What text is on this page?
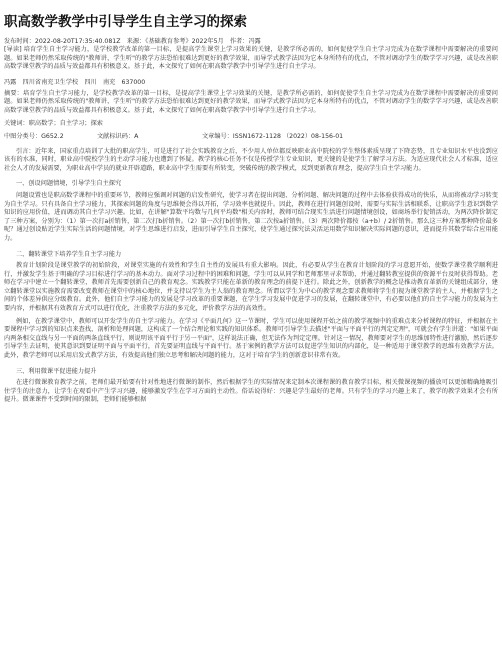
职高数学教学中引导学生自主学习的探索
发布时间：2022-08-20T17:35:40.081Z　来源：《基础教育参考》2022年5月　作者：冯露
[导读] 培育学生自主学习能力，是学校教学改革的第一目标，是提高学生课堂上学习效果的关键，是教学所必需的，如何促使学生自主学习完成为在数学课程中需要解决的重要问题。如果老师仍然采取传统的"教师讲，学生听"的教学方法恐怕很难达到更好的教学效果，而导学式教学法因为它本身所特有的优点，不管对调动学生的数学学习兴趣，或是改善职高数学课堂教学的品质与效益都具有积极意义。基于此，本文探究了如何在职高数学教学中引导学生进行自主学习。
冯露　四川省南充卫生学校　四川　南充　637000
摘要：培育学生自主学习能力，是学校教学改革的第一目标，是提高学生课堂上学习效果的关键，是教学所必需的，如何促使学生自主学习完成为在数学课程中需要解决的重要问题。如果老师仍然采取传统的"教师讲，学生听"的教学方法恐怕很难达到更好的教学效果，而导学式教学法因为它本身所特有的优点，不管对调动学生的数学学习兴趣，或是改善职高数学课堂教学的品质与效益都具有积极意义。基于此，本文探究了如何在职高数学教学中引导学生进行自主学习。
关键词：职高数学；自主学习；探索
中图分类号：G652.2	文献标识码：A	文章编号：ISSN1672-1128 （2022）08-156-01

引言：近年来，国家重点培训了大批的职高学生，可是进行了社会实践教育之后，不少用人单位都反映职业高中院校的学生整体素质呈现了下降态势，且专业知识水平也没到应该有的水准，同时，职业高中院校学生的主动学习能力也遭到了怀疑。教学的核心任务不仅是传授学生专业知识，更关键的是使学生了解学习方法。为适应现代社会人才标准，适应社会人才的发展需要，为职业高中学员的就业开辟道路，职业高中学生需要有所转变，突破传统的教学模式，反到更新教育理念，提高学生自主学习能力。

一、创设问题情境，引导学生自主探究

问题设置也是职高数学课程中的重要环节，教师应强调对问题的启发性研究，使学习者在提出问题、分析问题、解决问题的过程中去体验获得成功的快乐，从而将被动学习转变为自主学习。只有具备自主学习能力，其探索问题的角度与思维便会得以开拓，学习效率也就提升。因此，教师在进行问题创设时，需要与实际生活相联系，让职高学生意识到数学知识的应用价值，进而调动其自主学习兴趣。比如，在讲解"算数平均数与几何平均数"相关内容时，教师可结合现实生活进行问题情境创设，如商场举行促销活动，为两次降价制定了三种方案，分别为：（1）第一次打a折销售，第二次打b折销售。（2）第一次打b折销售，第二次按a折销售。（3）两次降价都按（a+b）/ 2折销售。那么这三种方案那种降价最多呢？通过创设贴近学生实际生活的问题情境，对学生思维进行启发，进而引导学生自主探究，使学生通过探究法灵活运用数学知识解决实际问题的意识，进而提升其数学综合应用能力。

二、翻转课堂下培养学生自主学习能力

教育计划阶段是课堂教学的初始阶段，对课堂实施的有效性和学生自主性的发展具有重大影响。因此，有必要从学生在教育计划阶段的学习意愿开始，使数学课堂教学顺利进行，并激发学生基于明确的学习目标进行学习的基本动力。面对学习过程中的困难和问题，学生可以从同学和老师那里寻求帮助，并通过翻转教室提供的资源平台及时获得帮助。老师在学习中建立一个翻转课堂，教师首先需要创新自己的教育观念。实践教学只能在革新的教育理念的前提下进行。除此之外，创新教学的概念是推动教育革新的关键组成部分，建立翻转课堂以实施教育需要改变教师在课堂中的核心地位，并支持以学生为主人翁的教育理念。所谓以学生为中心的教学观念要求教师将学生们视为课堂教学的主人，并根据学生之间的个体差异供应分级教育。此外，他们自主学习能力的发展是学习改革的重要课题，在学生学习发展中促进学习的发展，在翻转课堂中，有必要以他们的自主学习能力的发展为主要内容，并根据其有效教育方式可以进行优化，注重教学方法的多元化，评价教学方法的高效性。

例如，在教学课堂中，教师可以开发学生的自主学习能力。在学习《平面几何》这一节课时，学生可以使用课程开始之前的教学视频中的重难点来分析课程的特征，并根据在主要课程中学习到的知识点来查找，剖析和处理问题，这构成了一个结合理论和实践的知识体系。教师可引导学生去描述"平面与平面平行的判定定理"，可就会有学生讲道："如果平面内两条相交直线与另一平面的两条直线平行，则说明该平面平行于另一平面"，这样说法正确，但无法作为判定定理。针对这一情况，教师要对学生的思维加特性进行激励，然后逐步引导学生去证明，使其意识到要证明平面与平面平行，首先要证明直线与平面平行。基于案例的教学方法可以促进学生知识的内部化，是一种适用于课堂教学的思维有效教学方法。此外，教学老师可以采用启发式教学方法，有效提高他们独立思考和解决问题的能力，这对于培育学生的创新意识非常有效。

三、利用微课平促进能力提升

在进行微课教育教学之前，老师们最开始要有针对性地进行微课的制作，然后根据学生的实际情况来定制本次课程课的教育教学目标，相关微课视频的播放可以更加精确地吸引住学生的注意力，让学生在观看中产生学习兴趣，能够激发学生在学习方面的主动性。俗话说得好：兴趣是学生最好的老师。只有学生的学习兴趣上来了，教学的教学效果才会有所提升。微课课件不受到时间的限制，老师们能够根据
